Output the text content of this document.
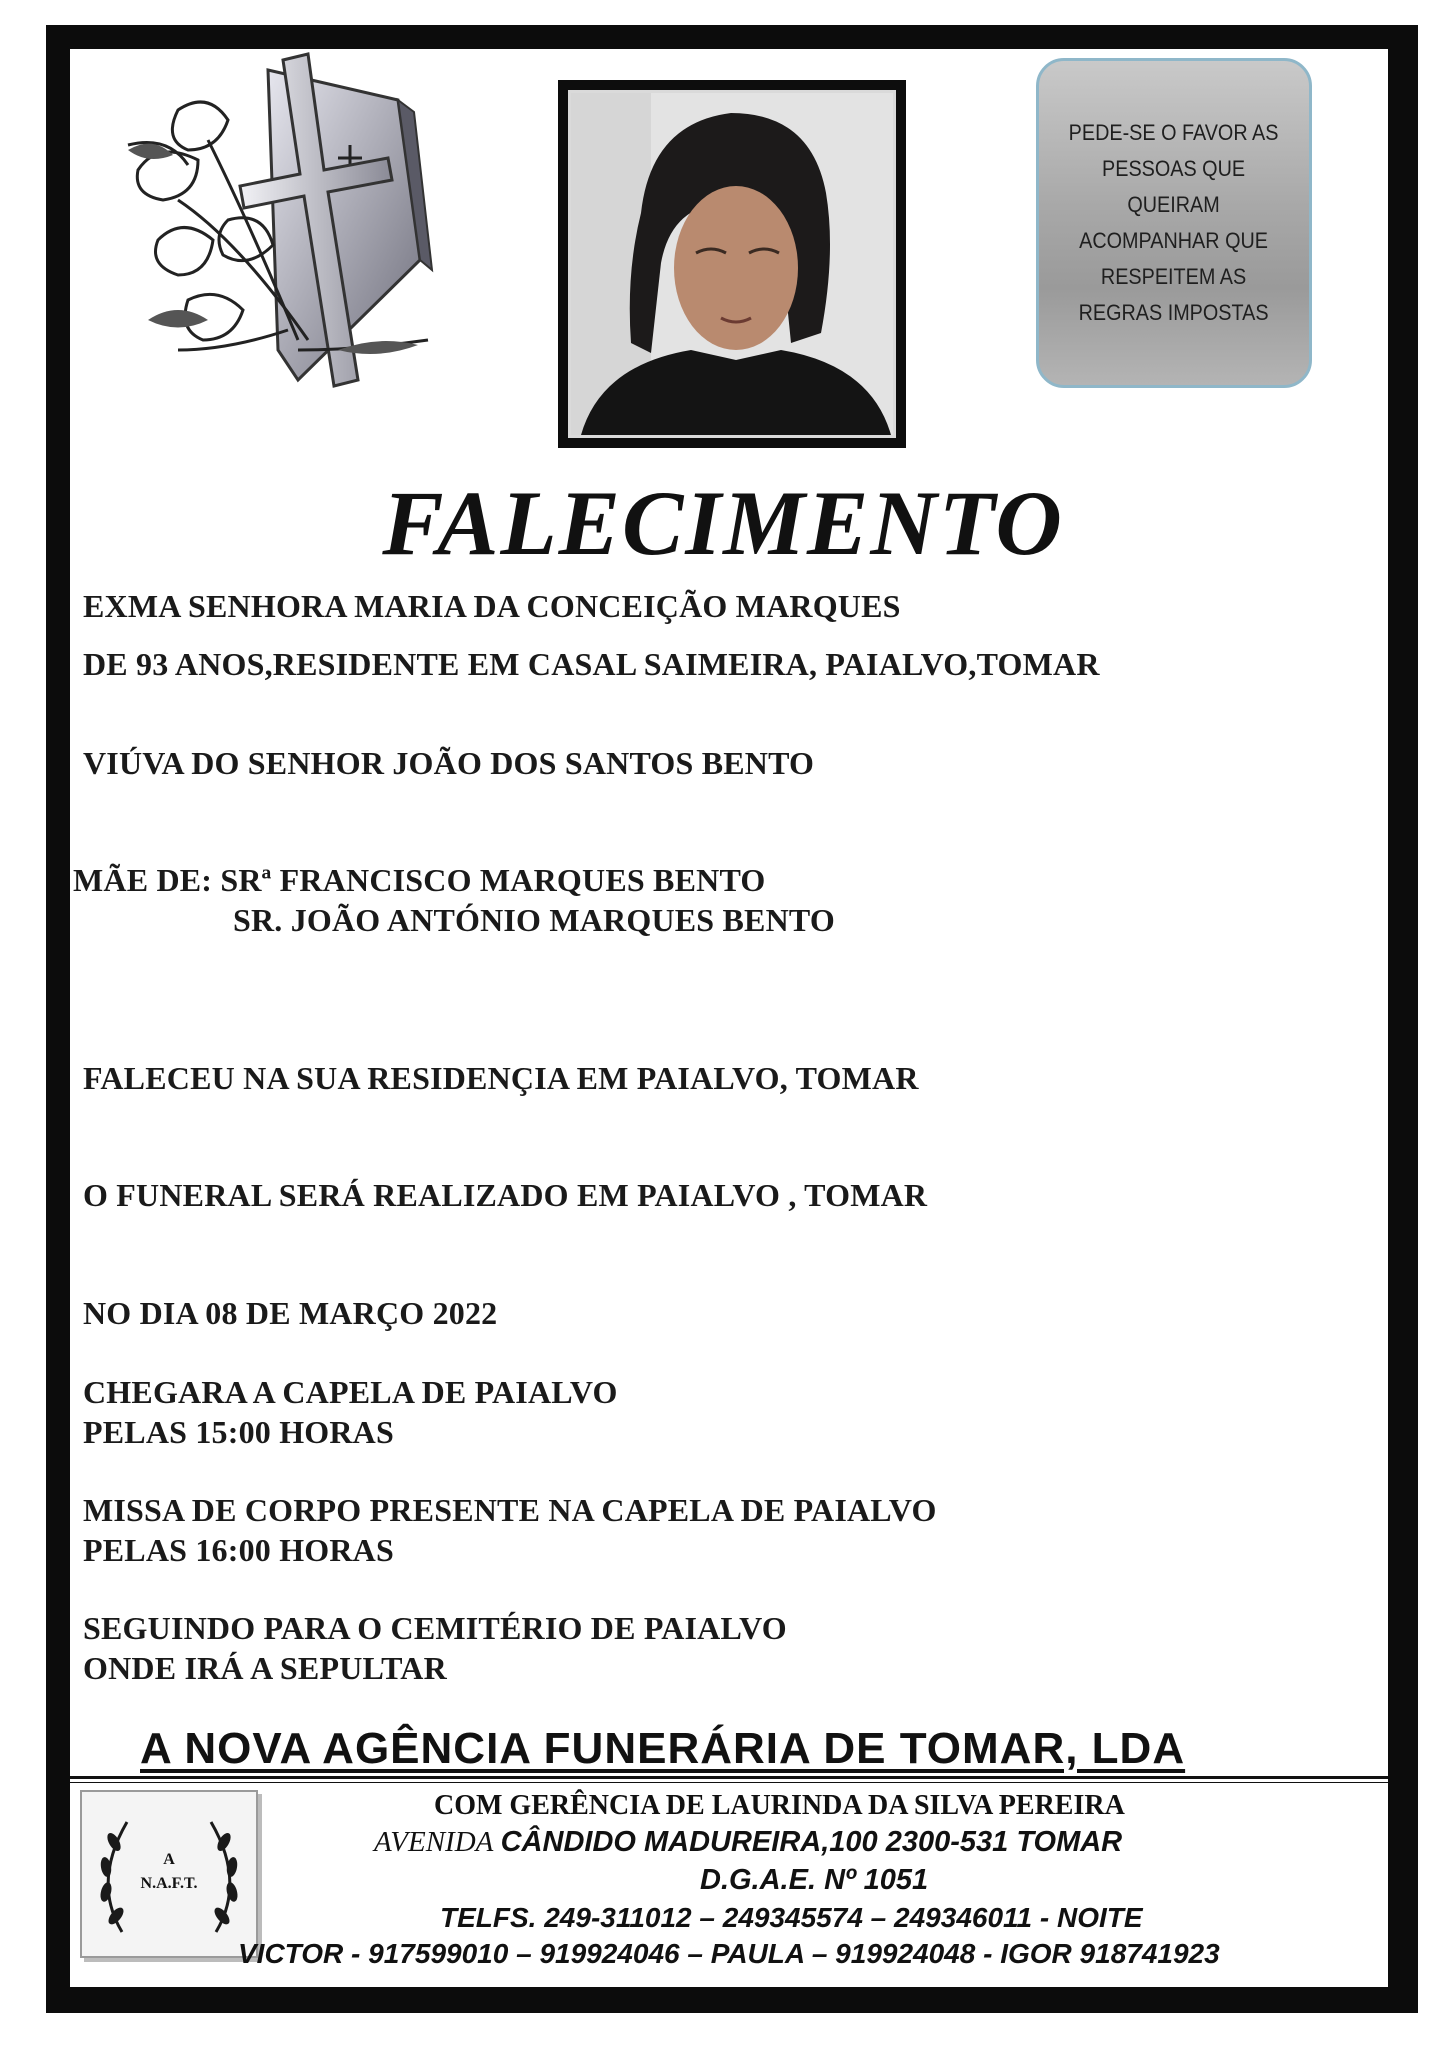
PEDE-SE O FAVOR AS
PESSOAS QUE
QUEIRAM
ACOMPANHAR QUE
RESPEITEM AS
REGRAS IMPOSTAS
FALECIMENTO
EXMA SENHORA MARIA DA CONCEIÇÃO MARQUES
DE 93 ANOS,RESIDENTE EM CASAL SAIMEIRA, PAIALVO,TOMAR
VIÚVA DO SENHOR JOÃO DOS SANTOS BENTO
MÃE DE: SRª FRANCISCO MARQUES BENTO
SR. JOÃO ANTÓNIO MARQUES BENTO
FALECEU NA SUA RESIDENÇIA EM PAIALVO, TOMAR
O FUNERAL SERÁ REALIZADO EM PAIALVO , TOMAR
NO DIA 08 DE MARÇO 2022
CHEGARA A CAPELA DE PAIALVO
PELAS 15:00 HORAS
MISSA DE CORPO PRESENTE NA CAPELA DE PAIALVO
PELAS 16:00 HORAS
SEGUINDO PARA O CEMITÉRIO DE PAIALVO
ONDE IRÁ A SEPULTAR
A NOVA AGÊNCIA FUNERÁRIA DE TOMAR, LDA
A
N.A.F.T.
COM GERÊNCIA DE LAURINDA DA SILVA PEREIRA
AVENIDA CÂNDIDO MADUREIRA,100 2300-531 TOMAR
D.G.A.E. Nº 1051
TELFS. 249-311012 – 249345574 – 249346011 - NOITE
VICTOR - 917599010 – 919924046 – PAULA – 919924048 - IGOR 918741923
